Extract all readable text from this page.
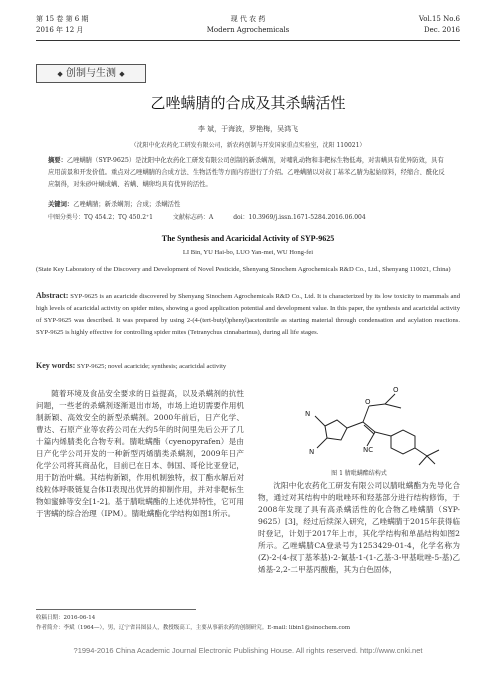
第 15 卷 第 6 期
2016 年 12 月
现 代 农 药
Modern Agrochemicals
Vol.15 No.6
Dec. 2016
◆ 创制与生测 ◆
乙唑螨腈的合成及其杀螨活性
李 斌，于海波，罗艳梅，吴鸿飞
（沈阳中化农药化工研发有限公司，新农药创制与开发国家重点实验室，沈阳 110021）
摘要：乙唑螨腈（SYP-9625）是沈阳中化农药化工研发有限公司创制的新杀螨剂，对哺乳动物和非靶标生物低毒，对害螨具有优异防效，具有应用前景和开发价值。重点对乙唑螨腈的合成方法、生物活性等方面内容进行了介绍。乙唑螨腈以对叔丁基苯乙腈为起始原料，经缩合、酰化反应制得，对朱砂叶螨成螨、若螨、螨卵均具有优异的活性。
关键词：乙唑螨腈；新杀螨剂；合成；杀螨活性
中图分类号：TQ 454.2；TQ 450.2⁺1	文献标志码：A	doi：10.3969/j.issn.1671-5284.2016.06.004
The Synthesis and Acaricidal Activity of SYP-9625
LI Bin, YU Hai-bo, LUO Yan-mei, WU Hong-fei
(State Key Laboratory of the Discovery and Development of Novel Pesticide, Shenyang Sinochem Agrochemicals R&D Co., Ltd., Shenyang 110021, China)
Abstract: SYP-9625 is an acaricide discovered by Shenyang Sinochem Agrochemicals R&D Co., Ltd. It is characterized by its low toxicity to mammals and high levels of acaricidal activity on spider mites, showing a good application potential and development value. In this paper, the synthesis and acaricidal activity of SYP-9625 was described. It was prepared by using 2-(4-(tert-butyl)phenyl)acetonitrile as starting material through condensation and acylation reactions. SYP-9625 is highly effective for controlling spider mites (Tetranychus cinnabarinus), during all life stages.
Key words: SYP-9625; novel acaricide; synthesis; acaricidal activity
随着环境及食品安全要求的日益提高，以及杀螨剂的抗性问题，一些老的杀螨剂逐渐退出市场，市场上迫切需要作用机制新颖、高效安全的新型杀螨剂。2000年前后，日产化学、曹达、石原产业等农药公司在大约5年的时间里先后公开了几十篇内烯腈类化合物专利。腈吡螨酯（cyenopyrafen）是由日产化学公司开发的一种新型丙烯腈类杀螨剂，2009年日产化学公司将其商品化，目前已在日本、韩国、哥伦比亚登记，用于防治叶螨。其结构新颖，作用机制独特，叔丁酯水解后对线粒体呼吸链复合体II表现出优异的抑制作用，并对非靶标生物如蜜蜂等安全[1-2]。基于腈吡螨酯的上述优异特性，它可用于害螨的综合治理（IPM）。腈吡螨酯化学结构如图1所示。
N
N	NC
O
O
图 1 腈吡螨酯结构式
沈阳中化农药化工研发有限公司以腈吡螨酯为先导化合物，通过对其结构中的吡唑环和羟基部分进行结构修饰，于2008年发现了具有高杀螨活性的化合物乙唑螨腈（SYP-9625）[3]，经过后续深入研究，乙唑螨腈于2015年获得临时登记，计划于2017年上市，其化学结构和单晶结构如图2所示。乙唑螨腈CA登录号为1253429-01-4，化学名称为(Z)-2-(4-叔丁基苯基)-2-氰基-1-(1-乙基-3-甲基吡唑-5-基)乙烯基-2,2-二甲基丙酸酯，其为白色固体，
收稿日期：2016-06-14
作者简介：李斌（1964—），男，辽宁省昌图县人，教授级高工，主要从事新农药的创制研究。E-mail: libin1@sinochem.com
?1994-2016 China Academic Journal Electronic Publishing House. All rights reserved. http://www.cnki.net
